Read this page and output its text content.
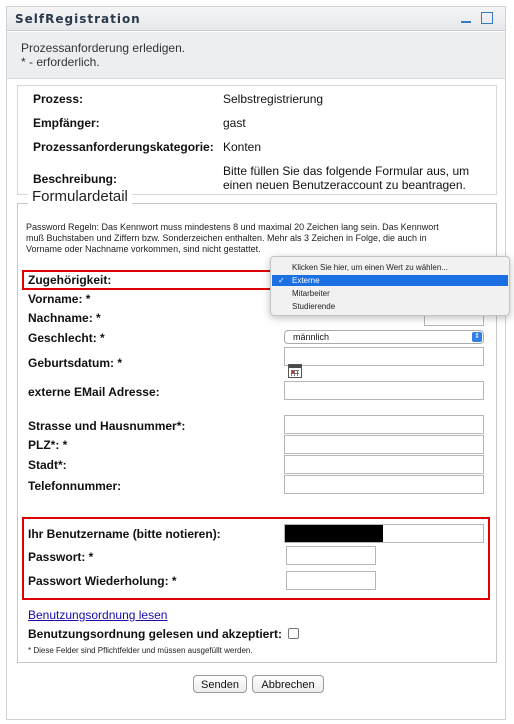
SelfRegistration
Prozessanforderung erledigen.
* - erforderlich.
Prozess:	Selbstregistrierung
Empfänger:	gast
Prozessanforderungskategorie: Konten
Beschreibung:
Bitte füllen Sie das folgende Formular aus, um
einen neuen Benutzeraccount zu beantragen.
Formulardetail
Password Regeln: Das Kennwort muss mindestens 8 und maximal 20 Zeichen lang sein. Das Kennwort
muß Buchstaben und Ziffern bzw. Sonderzeichen enthalten. Mehr als 3 Zeichen in Folge, die auch in
Vorname oder Nachname vorkommen, sind nicht gestattet.
Zugehörigkeit:
Vorname: *
Nachname: *
Geschlecht: *	männlich	⇕
Geburtsdatum: *
externe EMail Adresse:
Strasse und Hausnummer*:
PLZ*: *
Stadt*:
Telefonnummer:
Ihr Benutzername (bitte notieren):
Passwort: *
Passwort Wiederholung: *
Benutzungsordnung lesen
Benutzungsordnung gelesen und akzeptiert:
* Diese Felder sind Pflichtfelder und müssen ausgefüllt werden.
Senden	Abbrechen
Klicken Sie hier, um einen Wert zu wählen...
✓ Externe
Mitarbeiter
Studierende
